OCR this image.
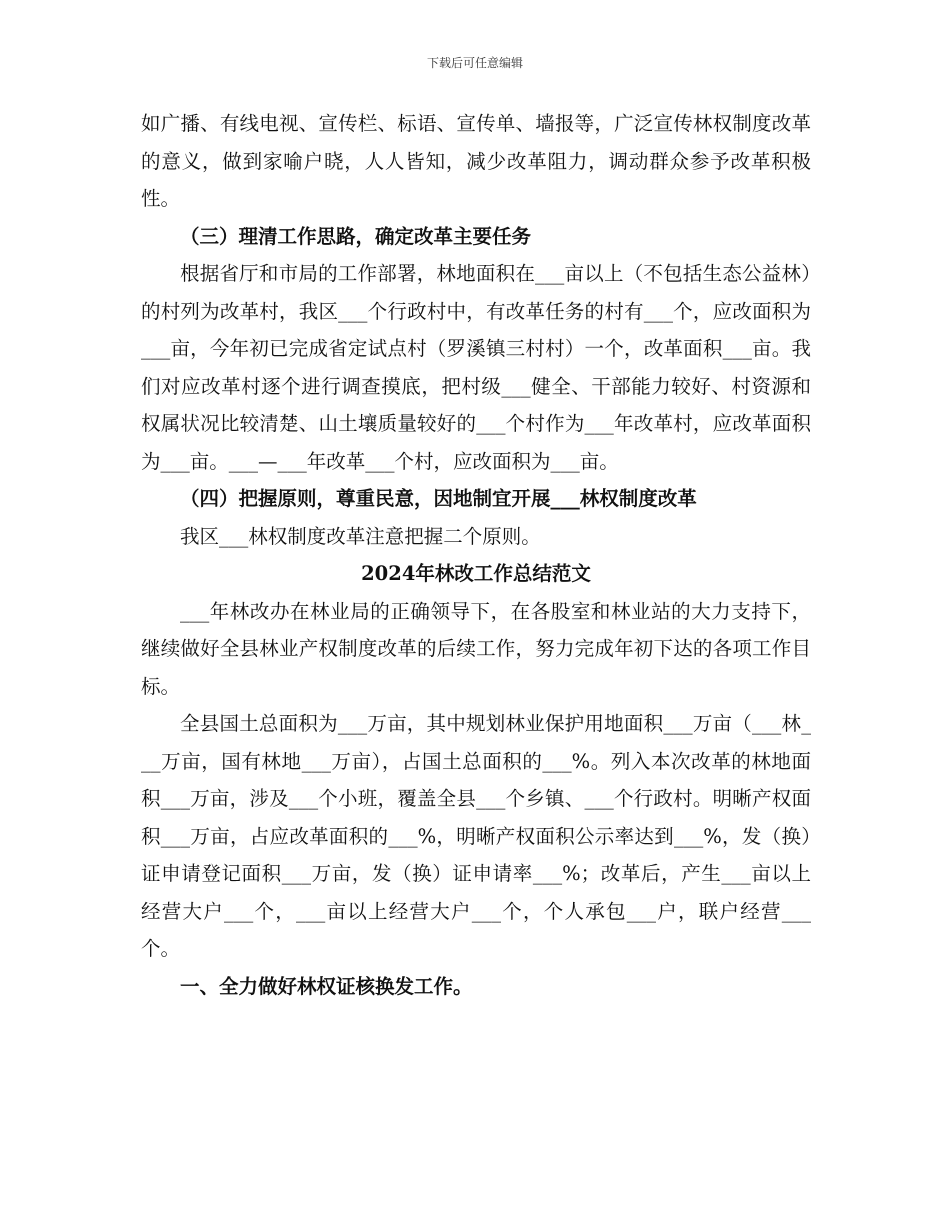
下载后可任意编辑

如广播、有线电视、宣传栏、标语、宣传单、墙报等，广泛宣传林权制度改革的意义，做到家喻户晓，人人皆知，减少改革阻力，调动群众参予改革积极性。

（三）理清工作思路，确定改革主要任务

根据省厅和市局的工作部署，林地面积在___亩以上（不包括生态公益林）的村列为改革村，我区___个行政村中，有改革任务的村有___个，应改面积为___亩，今年初已完成省定试点村（罗溪镇三村村）一个，改革面积___亩。我们对应改革村逐个进行调查摸底，把村级___健全、干部能力较好、村资源和权属状况比较清楚、山土壤质量较好的___个村作为___年改革村，应改革面积为___亩。___—___年改革___个村，应改面积为___亩。

（四）把握原则，尊重民意，因地制宜开展___林权制度改革

我区___林权制度改革注意把握二个原则。

2024年林改工作总结范文

___年林改办在林业局的正确领导下，在各股室和林业站的大力支持下，继续做好全县林业产权制度改革的后续工作，努力完成年初下达的各项工作目标。

全县国土总面积为___万亩，其中规划林业保护用地面积___万亩（___林___万亩，国有林地___万亩），占国土总面积的___%。列入本次改革的林地面积___万亩，涉及___个小班，覆盖全县___个乡镇、___个行政村。明晰产权面积___万亩，占应改革面积的___%，明晰产权面积公示率达到___%，发（换）证申请登记面积___万亩，发（换）证申请率___%；改革后，产生___亩以上经营大户___个，___亩以上经营大户___个，个人承包___户，联户经营___个。

一、全力做好林权证核换发工作。
